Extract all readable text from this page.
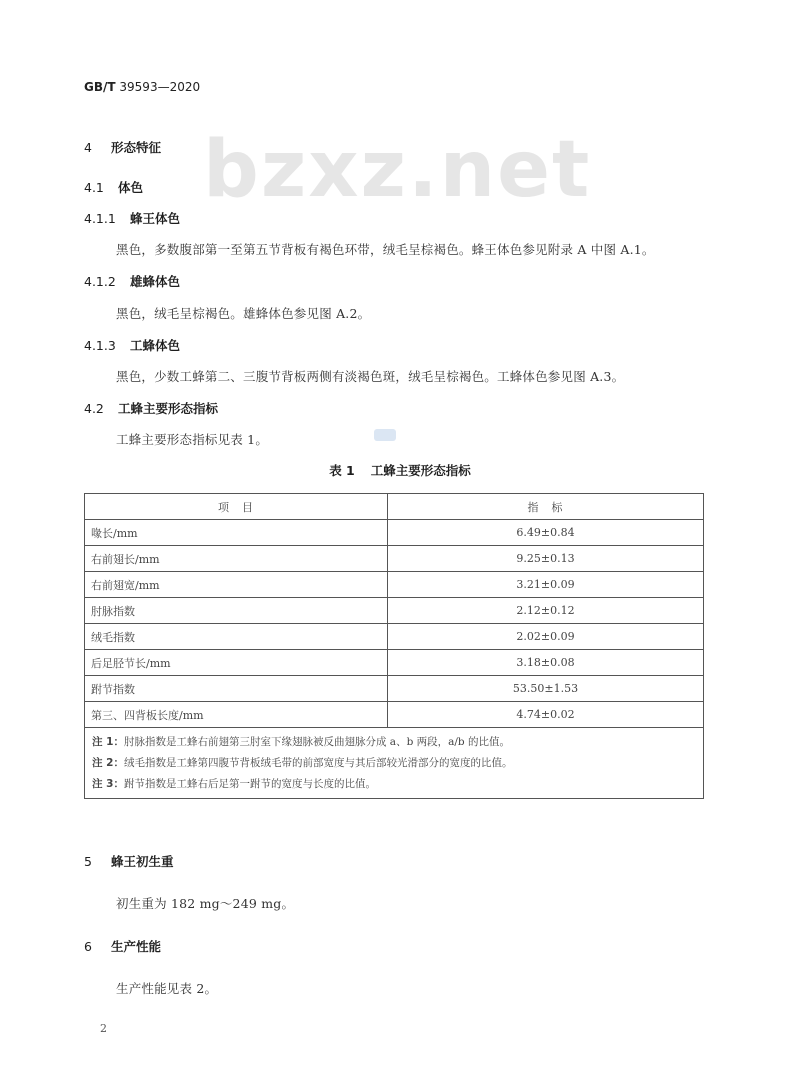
GB/T 39593—2020
bzxz.net
4 形态特征
4.1 体色
4.1.1 蜂王体色
黑色，多数腹部第一至第五节背板有褐色环带，绒毛呈棕褐色。蜂王体色参见附录 A 中图 A.1。
4.1.2 雄蜂体色
黑色，绒毛呈棕褐色。雄蜂体色参见图 A.2。
4.1.3 工蜂体色
黑色，少数工蜂第二、三腹节背板两侧有淡褐色斑，绒毛呈棕褐色。工蜂体色参见图 A.3。
4.2 工蜂主要形态指标
工蜂主要形态指标见表 1。
表 1 工蜂主要形态指标
项　目	指　标
喙长/mm	6.49±0.84
右前翅长/mm	9.25±0.13
右前翅宽/mm	3.21±0.09
肘脉指数	2.12±0.12
绒毛指数	2.02±0.09
后足胫节长/mm	3.18±0.08
跗节指数	53.50±1.53
第三、四背板长度/mm	4.74±0.02

注 1：肘脉指数是工蜂右前翅第三肘室下缘翅脉被反曲翅脉分成 a、b 两段，a/b 的比值。
注 2：绒毛指数是工蜂第四腹节背板绒毛带的前部宽度与其后部较光滑部分的宽度的比值。
注 3：跗节指数是工蜂右后足第一跗节的宽度与长度的比值。	
5 蜂王初生重
初生重为 182 mg～249 mg。
6 生产性能
生产性能见表 2。
2
